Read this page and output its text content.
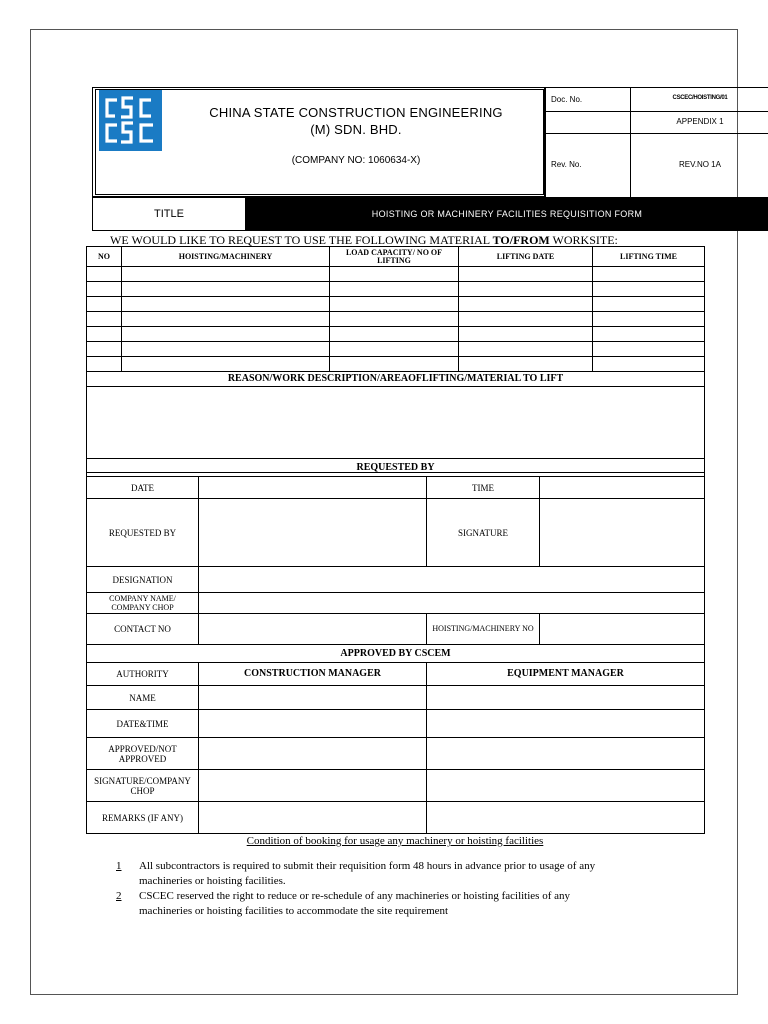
CHINA STATE CONSTRUCTION ENGINEERING
(M) SDN. BHD.
(COMPANY NO: 1060634-X)
Doc. No.	CSCEC/HOISTING/01
APPENDIX 1
Rev. No.	REV.NO 1A
TITLE	HOISTING OR MACHINERY FACILITIES REQUISITION FORM
WE WOULD LIKE TO REQUEST TO USE THE FOLLOWING MATERIAL TO/FROM WORKSITE:
NO	HOISTING/MACHINERY	LOAD CAPACITY/ NO OF LIFTING	LIFTING DATE	LIFTING TIME

REASON/WORK DESCRIPTION/AREAOFLIFTING/MATERIAL TO LIFT				

REQUESTED BY			
DATE		TIME	
REQUESTED BY		SIGNATURE	
DESIGNATION			
COMPANY NAME/ COMPANY CHOP			
CONTACT NO		HOISTING/MACHINERY NO	
APPROVED BY CSCEM			
AUTHORITY	CONSTRUCTION MANAGER	EQUIPMENT MANAGER	
NAME			
DATE&TIME			
APPROVED/NOT APPROVED			
SIGNATURE/COMPANY CHOP			
REMARKS (IF ANY)			
Condition of booking for usage any machinery or hoisting facilities
1 All subcontractors is required to submit their requisition form 48 hours in advance prior to usage of any
machineries or hoisting facilities.
2 CSCEC reserved the right to reduce or re-schedule of any machineries or hoisting facilities of any
machineries or hoisting facilities to accommodate the site requirement
